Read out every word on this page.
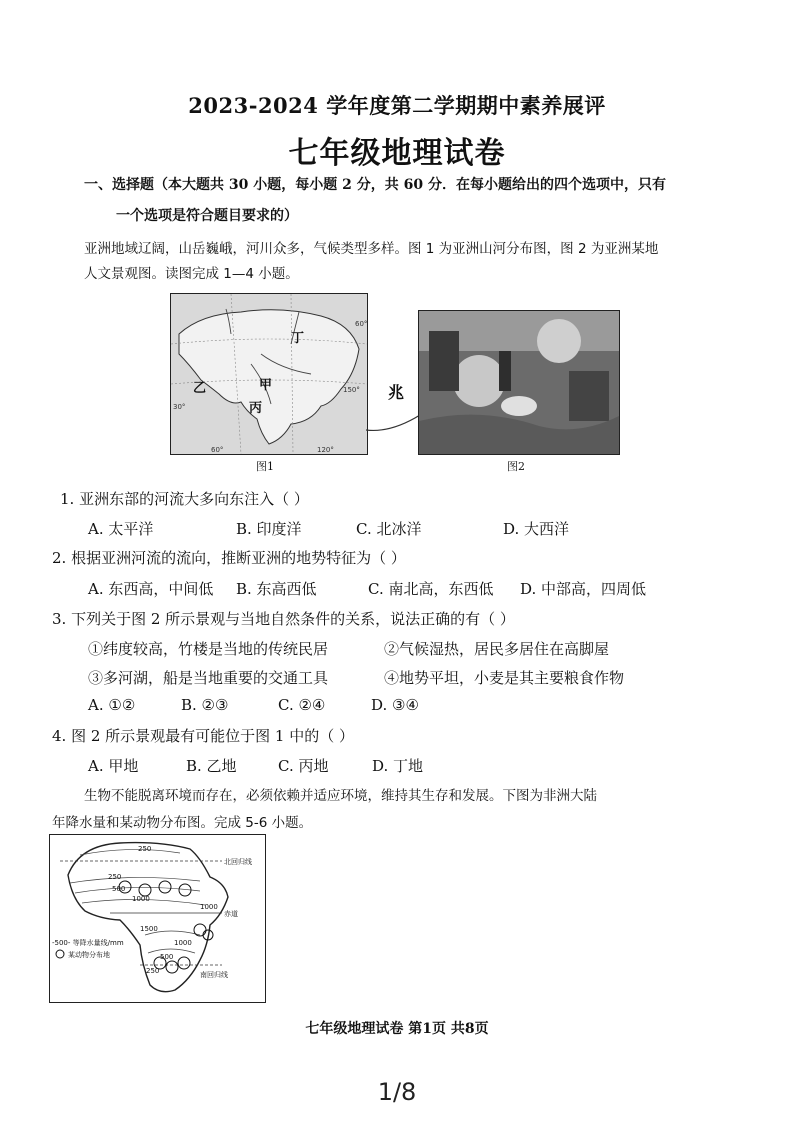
2023-2024 学年度第二学期期中素养展评
七年级地理试卷
一、选择题（本大题共 30 小题，每小题 2 分，共 60 分．在每小题给出的四个选项中，只有
一个选项是符合题目要求的）
亚洲地域辽阔，山岳巍峨，河川众多，气候类型多样。图 1 为亚洲山河分布图，图 2 为亚洲某地
人文景观图。读图完成 1—4 小题。
丁
乙	甲
丙
60°	120°
30°
150°
60°
图1
兆
图2
1. 亚洲东部的河流大多向东注入（ ）
A. 太平洋	B. 印度洋	C. 北冰洋	D. 大西洋
2. 根据亚洲河流的流向，推断亚洲的地势特征为（ ）
A. 东西高，中间低 B. 东高西低	C. 南北高，东西低 D. 中部高，四周低
3. 下列关于图 2 所示景观与当地自然条件的关系，说法正确的有（ ）
①纬度较高，竹楼是当地的传统民居	②气候湿热，居民多居住在高脚屋
③多河湖，船是当地重要的交通工具	④地势平坦，小麦是其主要粮食作物
A. ①②	B. ②③	C. ②④	D. ③④
4. 图 2 所示景观最有可能位于图 1 中的（ ）
A. 甲地	B. 乙地	C. 丙地	D. 丁地
生物不能脱离环境而存在，必须依赖并适应环境，维持其生存和发展。下图为非洲大陆
年降水量和某动物分布图。完成 5-6 小题。
250
250
500
1000
1000
1500
1000
500
250
北回归线
赤道
南回归线
-500- 等降水量线/mm
某动物分布地
七年级地理试卷 第1页 共8页
1/8
